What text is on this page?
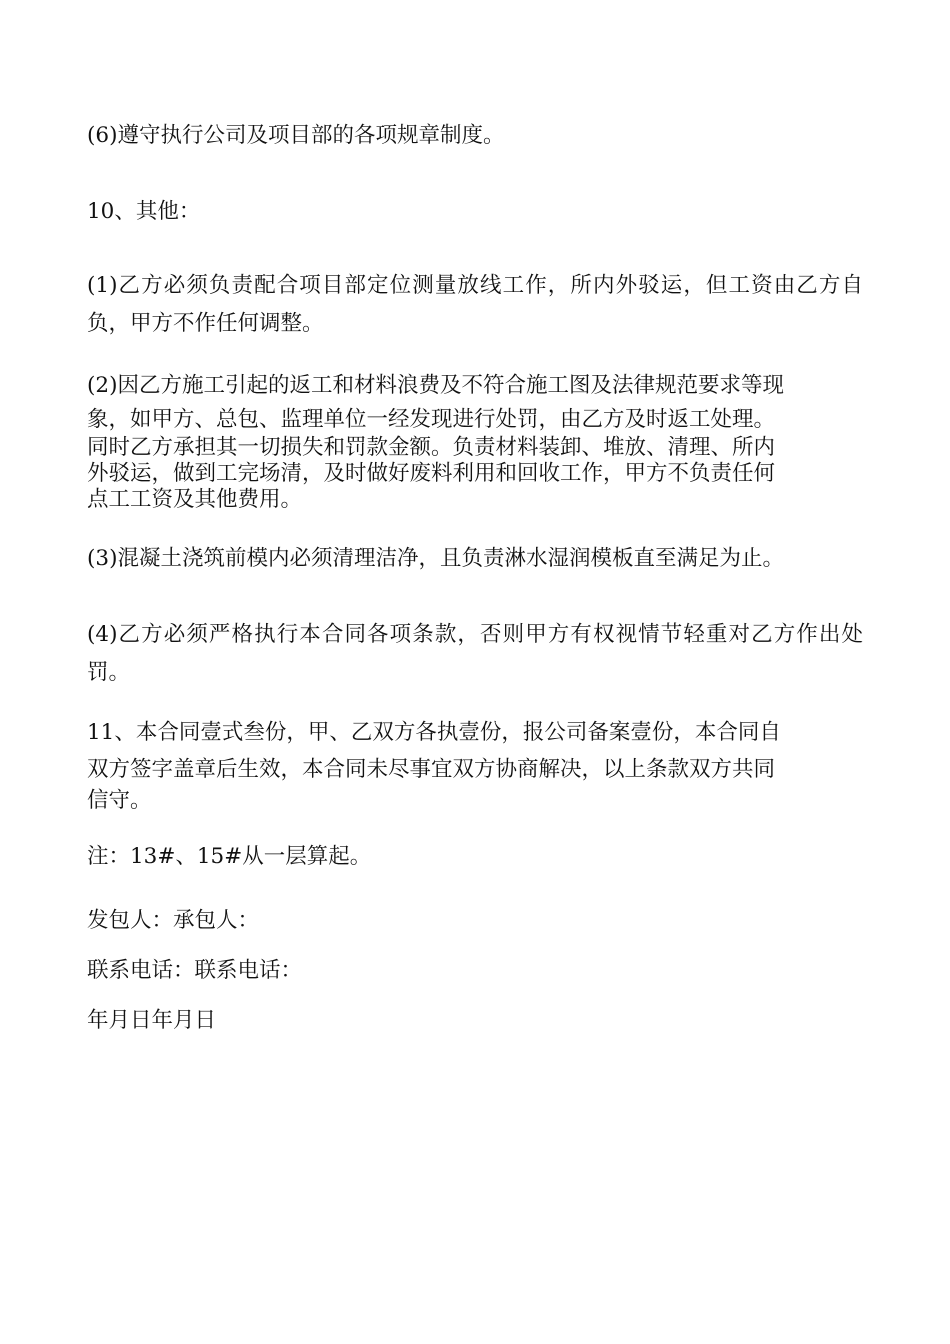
(6)遵守执行公司及项目部的各项规章制度。

10、其他：

(1)乙方必须负责配合项目部定位测量放线工作，所内外驳运，但工资由乙方自负，甲方不作任何调整。

(2)因乙方施工引起的返工和材料浪费及不符合施工图及法律规范要求等现
象，如甲方、总包、监理单位一经发现进行处罚，由乙方及时返工处理。
同时乙方承担其一切损失和罚款金额。负责材料装卸、堆放、清理、所内
外驳运，做到工完场清，及时做好废料利用和回收工作，甲方不负责任何
点工工资及其他费用。

(3)混凝土浇筑前模内必须清理洁净，且负责淋水湿润模板直至满足为止。

(4)乙方必须严格执行本合同各项条款，否则甲方有权视情节轻重对乙方作出处罚。

11、本合同壹式叁份，甲、乙双方各执壹份，报公司备案壹份，本合同自
双方签字盖章后生效，本合同未尽事宜双方协商解决，以上条款双方共同
信守。

注：13#、15#从一层算起。

发包人：承包人：

联系电话：联系电话：

年月日年月日
